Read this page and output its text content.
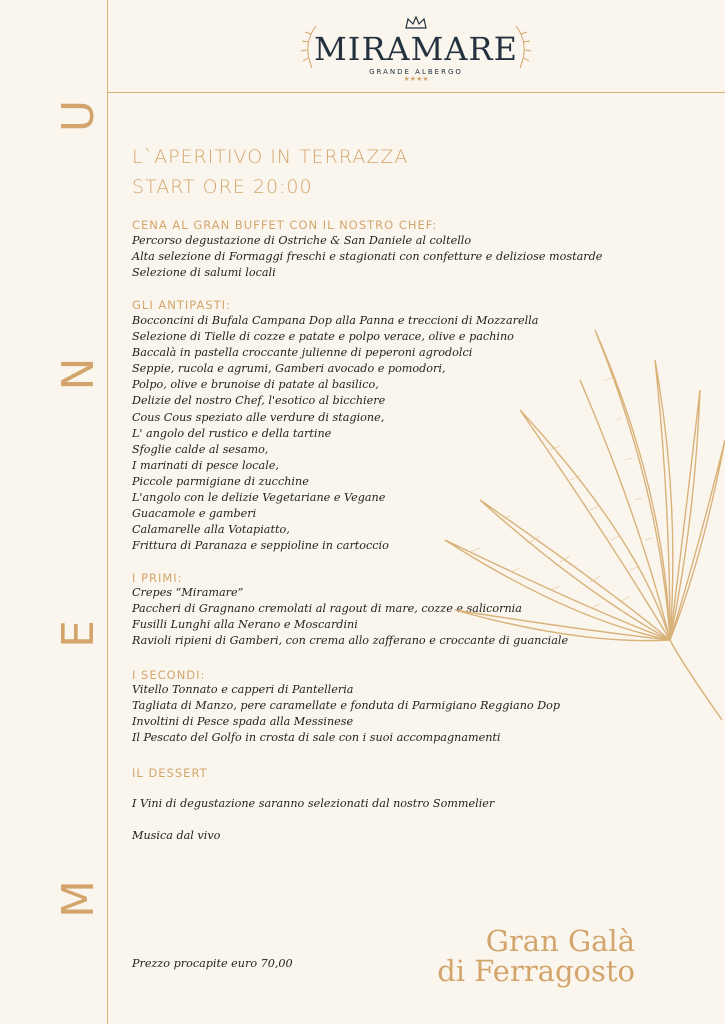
U
N
E
M
MIRAMARE
GRANDE ALBERGO
★★★★
L`APERITIVO IN TERRAZZA
START ORE 20:00
CENA AL GRAN BUFFET CON IL NOSTRO CHEF:
Percorso degustazione di Ostriche & San Daniele al coltello
Alta selezione di Formaggi freschi e stagionati con confetture e deliziose mostarde
Selezione di salumi locali
GLI ANTIPASTI:
Bocconcini di Bufala Campana Dop alla Panna e treccioni di Mozzarella
Selezione di Tielle di cozze e patate e polpo verace, olive e pachino
Baccalà in pastella croccante julienne di peperoni agrodolci
Seppie, rucola e agrumi, Gamberi avocado e pomodori,
Polpo, olive e brunoise di patate al basilico,
Delizie del nostro Chef, l'esotico al bicchiere
Cous Cous speziato alle verdure di stagione,
L' angolo del rustico e della tartine
Sfoglie calde al sesamo,
I marinati di pesce locale,
Piccole parmigiane di zucchine
L'angolo con le delizie Vegetariane e Vegane
Guacamole e gamberi
Calamarelle alla Votapiatto,
Frittura di Paranaza e seppioline in cartoccio
I PRIMI:
Crepes “Miramare”
Paccheri di Gragnano cremolati al ragout di mare, cozze e salicornia
Fusilli Lunghi alla Nerano e Moscardini
Ravioli ripieni di Gamberi, con crema allo zafferano e croccante di guanciale
I SECONDI:
Vitello Tonnato e capperi di Pantelleria
Tagliata di Manzo, pere caramellate e fonduta di Parmigiano Reggiano Dop
Involtini di Pesce spada alla Messinese
Il Pescato del Golfo in crosta di sale con i suoi accompagnamenti
IL DESSERT
I Vini di degustazione saranno selezionati dal nostro Sommelier
Musica dal vivo
Prezzo procapite euro 70,00
Gran Galà
di Ferragosto
